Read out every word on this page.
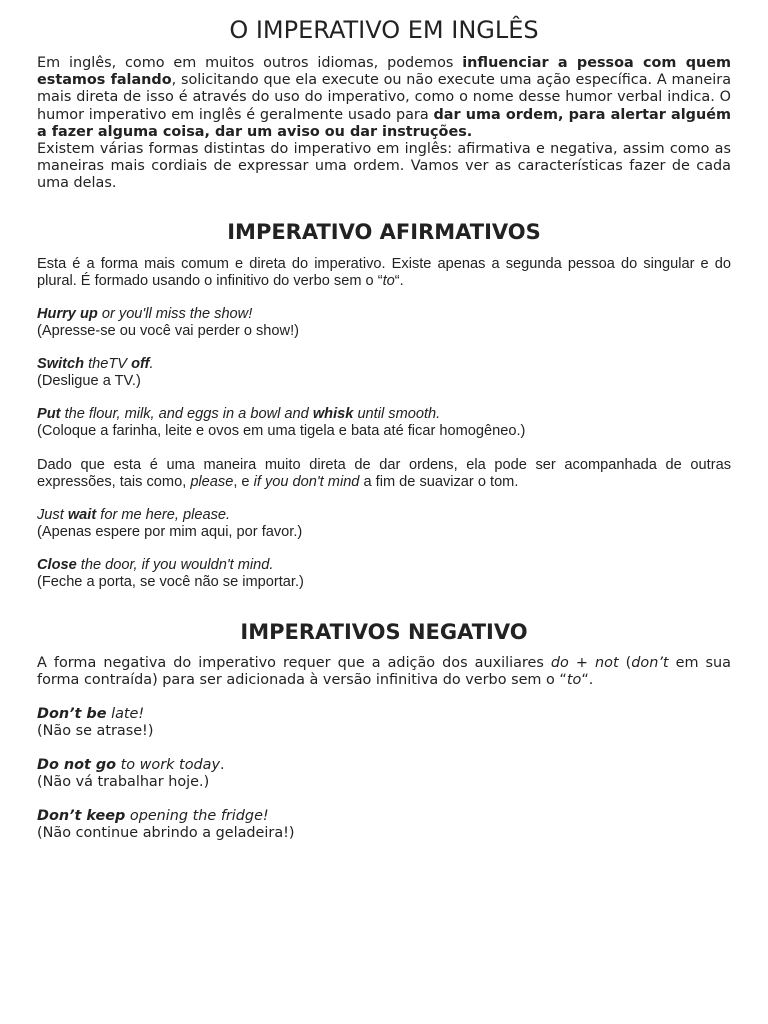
O IMPERATIVO EM INGLÊS
Em inglês, como em muitos outros idiomas, podemos influenciar a pessoa com quem estamos falando, solicitando que ela execute ou não execute uma ação específica. A maneira mais direta de isso é através do uso do imperativo, como o nome desse humor verbal indica. O humor imperativo em inglês é geralmente usado para dar uma ordem, para alertar alguém a fazer alguma coisa, dar um aviso ou dar instruções.
Existem várias formas distintas do imperativo em inglês: afirmativa e negativa, assim como as maneiras mais cordiais de expressar uma ordem. Vamos ver as características fazer de cada uma delas.
IMPERATIVO AFIRMATIVOS

Esta é a forma mais comum e direta do imperativo. Existe apenas a segunda pessoa do singular e do plural. É formado usando o infinitivo do verbo sem o “to“.

Hurry up or you'll miss the show!
(Apresse-se ou você vai perder o show!)

Switch theTV off.
(Desligue a TV.)

Put the flour, milk, and eggs in a bowl and whisk until smooth.
(Coloque a farinha, leite e ovos em uma tigela e bata até ficar homogêneo.)

Dado que esta é uma maneira muito direta de dar ordens, ela pode ser acompanhada de outras expressões, tais como, please, e if you don't mind a fim de suavizar o tom.

Just wait for me here, please.
(Apenas espere por mim aqui, por favor.)

Close the door, if you wouldn't mind.
(Feche a porta, se você não se importar.)

IMPERATIVOS NEGATIVO

A forma negativa do imperativo requer que a adição dos auxiliares do + not (don’t em sua forma contraída) para ser adicionada à versão infinitiva do verbo sem o “to“.

Don’t be late!
(Não se atrase!)

Do not go to work today.
(Não vá trabalhar hoje.)

Don’t keep opening the fridge!
(Não continue abrindo a geladeira!)
